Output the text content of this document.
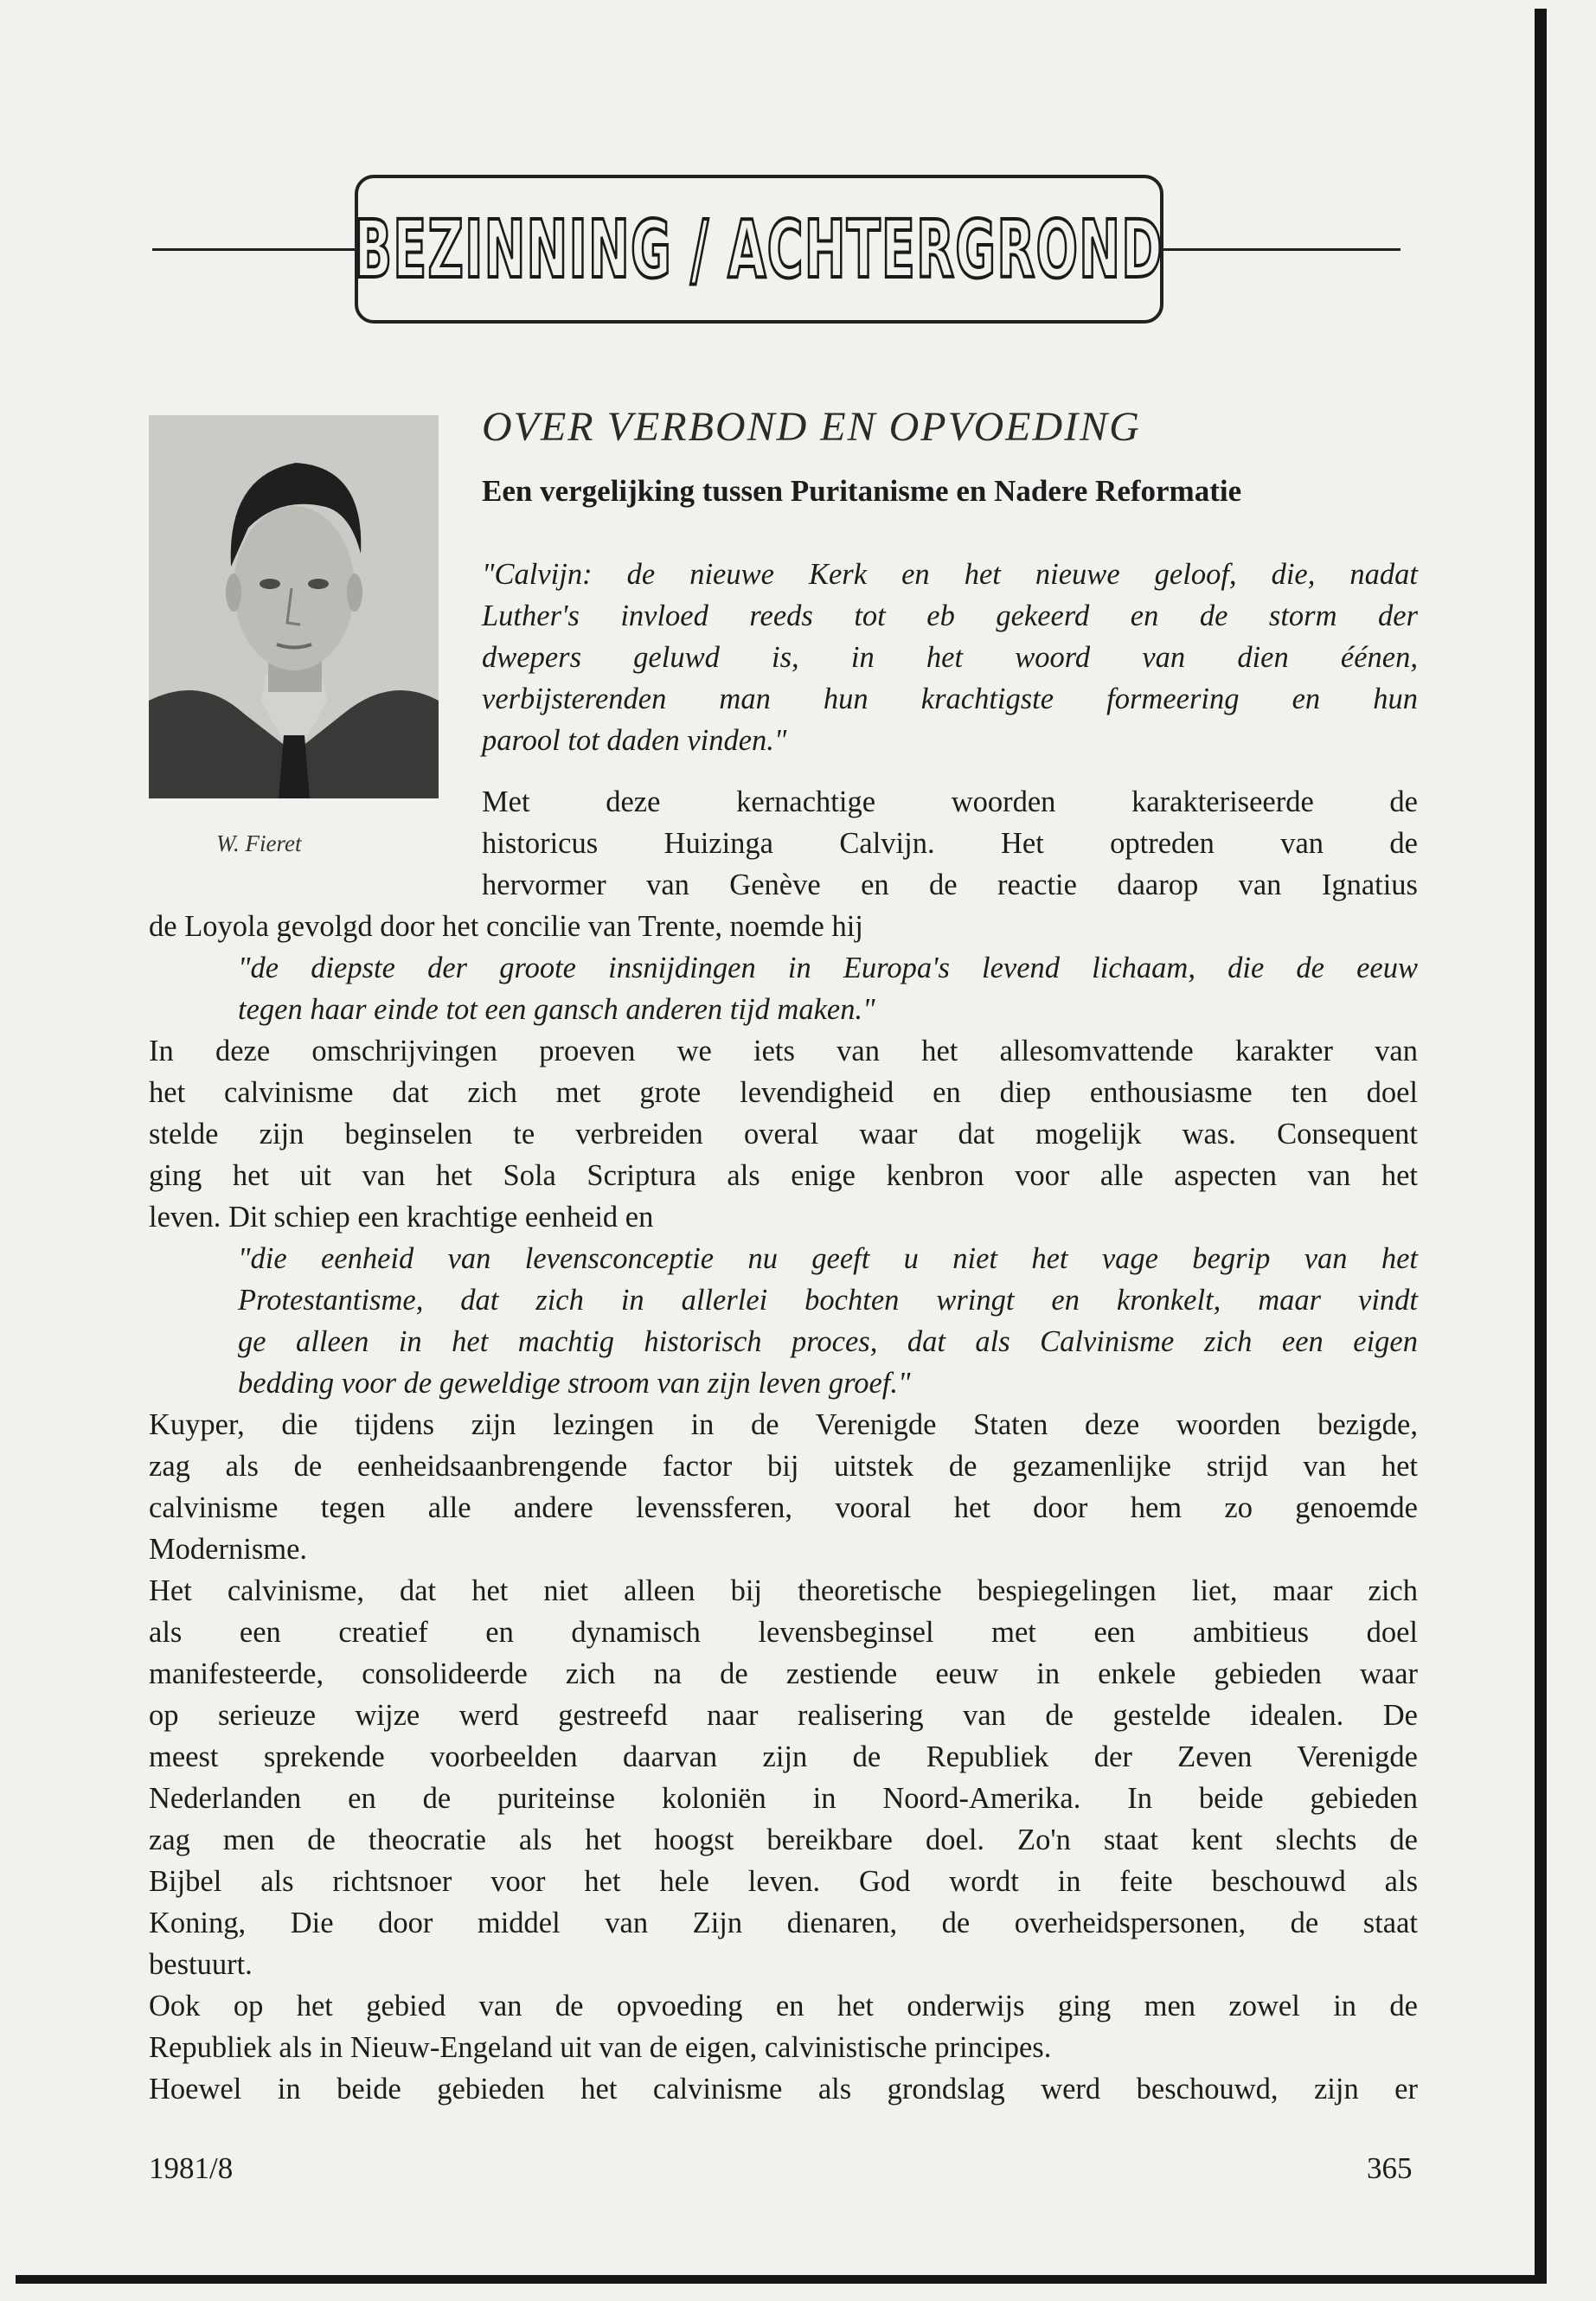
BEZINNING / ACHTERGROND
W. Fieret
OVER VERBOND EN OPVOEDING
Een vergelijking tussen Puritanisme en Nadere Reformatie
"Calvijn: de nieuwe Kerk en het nieuwe geloof, die, nadat
Luther's invloed reeds tot eb gekeerd en de storm der
dwepers geluwd is, in het woord van dien éénen,
verbijsterenden man hun krachtigste formeering en hun
parool tot daden vinden."
Met deze kernachtige woorden karakteriseerde de
historicus Huizinga Calvijn. Het optreden van de
hervormer van Genève en de reactie daarop van Ignatius
de Loyola gevolgd door het concilie van Trente, noemde hij
"de diepste der groote insnijdingen in Europa's levend lichaam, die de eeuw
tegen haar einde tot een gansch anderen tijd maken."
In deze omschrijvingen proeven we iets van het allesomvattende karakter van
het calvinisme dat zich met grote levendigheid en diep enthousiasme ten doel
stelde zijn beginselen te verbreiden overal waar dat mogelijk was. Consequent
ging het uit van het Sola Scriptura als enige kenbron voor alle aspecten van het
leven. Dit schiep een krachtige eenheid en
"die eenheid van levensconceptie nu geeft u niet het vage begrip van het
Protestantisme, dat zich in allerlei bochten wringt en kronkelt, maar vindt
ge alleen in het machtig historisch proces, dat als Calvinisme zich een eigen
bedding voor de geweldige stroom van zijn leven groef."
Kuyper, die tijdens zijn lezingen in de Verenigde Staten deze woorden bezigde,
zag als de eenheidsaanbrengende factor bij uitstek de gezamenlijke strijd van het
calvinisme tegen alle andere levenssferen, vooral het door hem zo genoemde
Modernisme.
Het calvinisme, dat het niet alleen bij theoretische bespiegelingen liet, maar zich
als een creatief en dynamisch levensbeginsel met een ambitieus doel
manifesteerde, consolideerde zich na de zestiende eeuw in enkele gebieden waar
op serieuze wijze werd gestreefd naar realisering van de gestelde idealen. De
meest sprekende voorbeelden daarvan zijn de Republiek der Zeven Verenigde
Nederlanden en de puriteinse koloniën in Noord-Amerika. In beide gebieden
zag men de theocratie als het hoogst bereikbare doel. Zo'n staat kent slechts de
Bijbel als richtsnoer voor het hele leven. God wordt in feite beschouwd als
Koning, Die door middel van Zijn dienaren, de overheidspersonen, de staat
bestuurt.
Ook op het gebied van de opvoeding en het onderwijs ging men zowel in de
Republiek als in Nieuw-Engeland uit van de eigen, calvinistische principes.
Hoewel in beide gebieden het calvinisme als grondslag werd beschouwd, zijn er
1981/8	365
